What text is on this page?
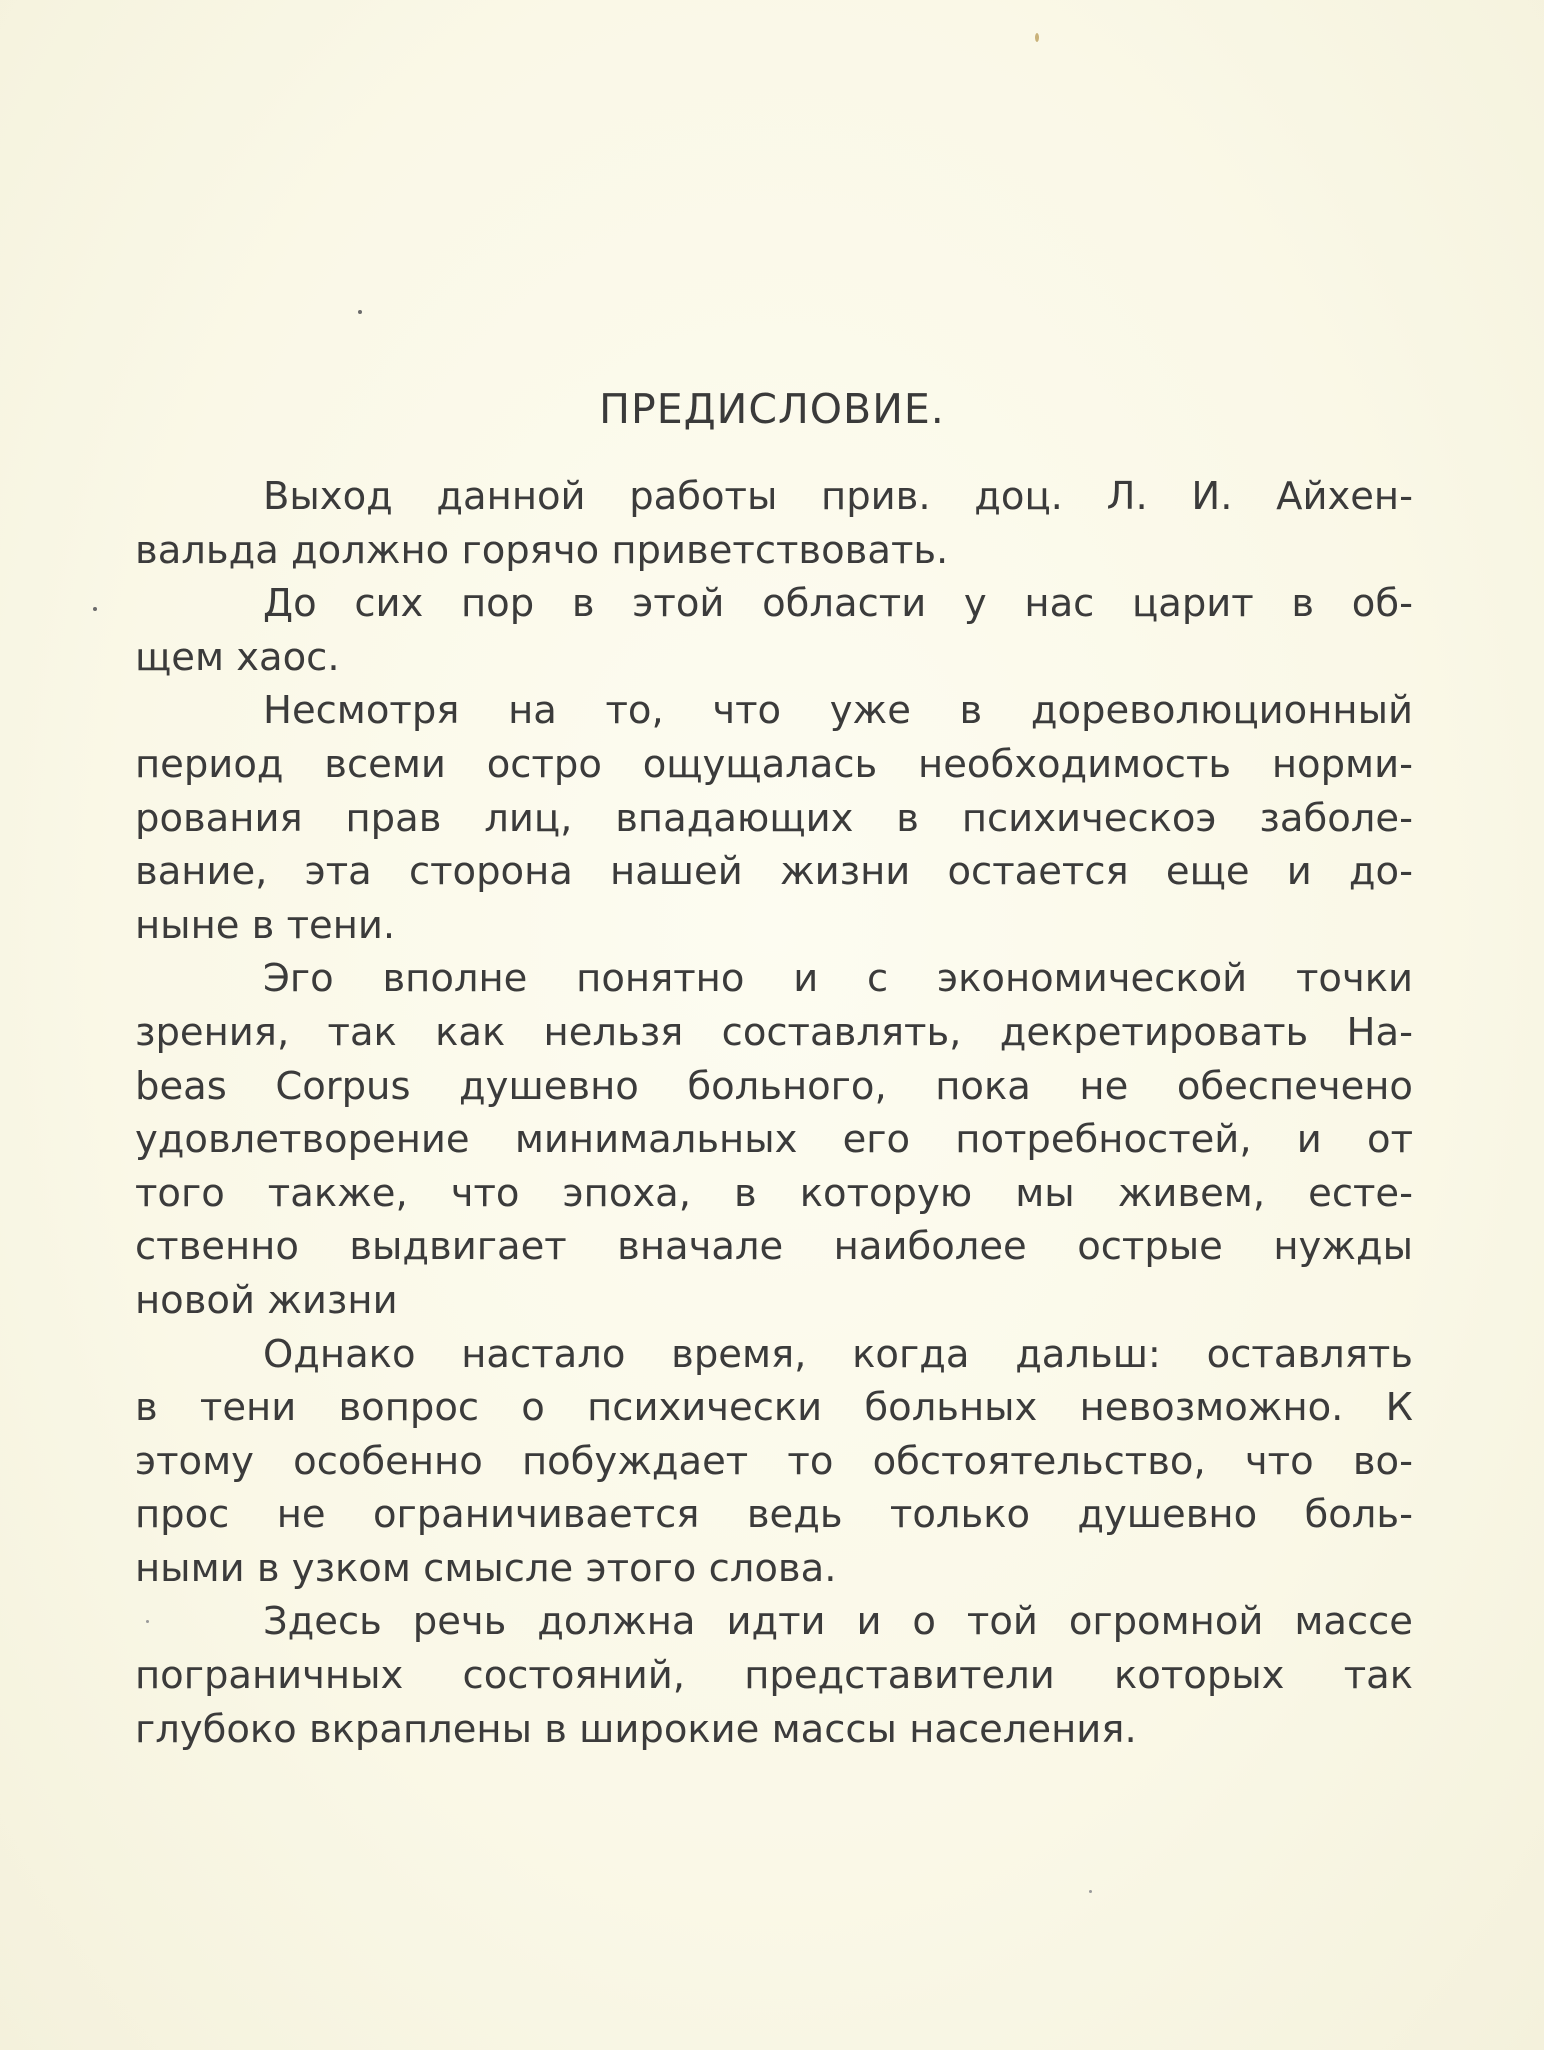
ПРЕДИСЛОВИЕ.
Выход данной работы прив. доц. Л. И. Айхен-
вальда должно горячо приветствовать.
До сих пор в этой области у нас царит в об-
щем хаос.
Несмотря на то, что уже в дореволюционный
период всеми остро ощущалась необходимость норми-
рования прав лиц, впадающих в психическоэ заболе-
вание, эта сторона нашей жизни остается еще и до-
ныне в тени.
Эго вполне понятно и с экономической точки
зрения, так как нельзя составлять, декретировать На-
beas Corpus душевно больного, пока не обеспечено
удовлетворение минимальных его потребностей, и от
того также, что эпоха, в которую мы живем, есте-
ственно выдвигает вначале наиболее острые нужды
новой жизни
Однако настало время, когда дальш: оставлять
в тени вопрос о психически больных невозможно. К
этому особенно побуждает то обстоятельство, что во-
прос не ограничивается ведь только душевно боль-
ными в узком смысле этого слова.
Здесь речь должна идти и о той огромной массе
пограничных состояний, представители которых так
глубоко вкраплены в широкие массы населения.
